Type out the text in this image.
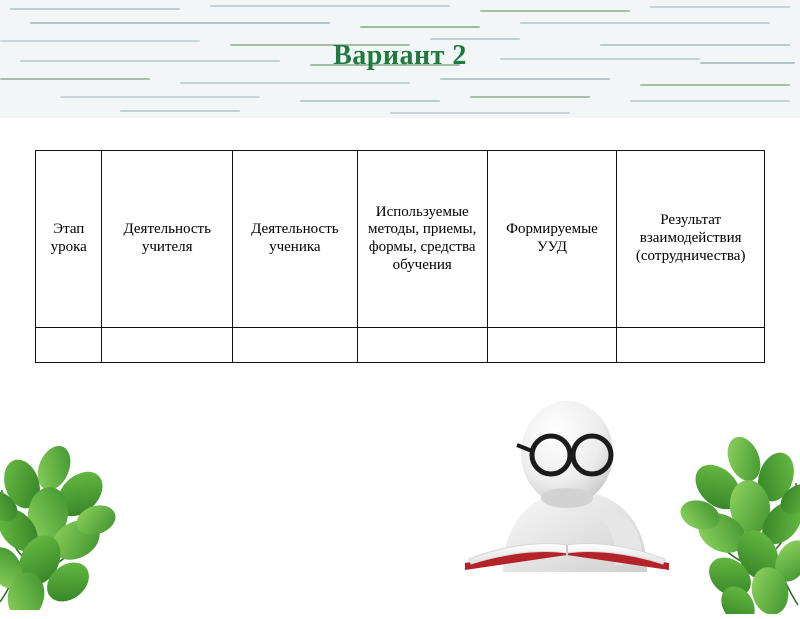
Вариант 2
Этап урока	Деятельность учителя	Деятельность ученика	Используемые методы, приемы, формы, средства обучения	Формируемые УУД	Результат взаимодействия (сотрудничества)
